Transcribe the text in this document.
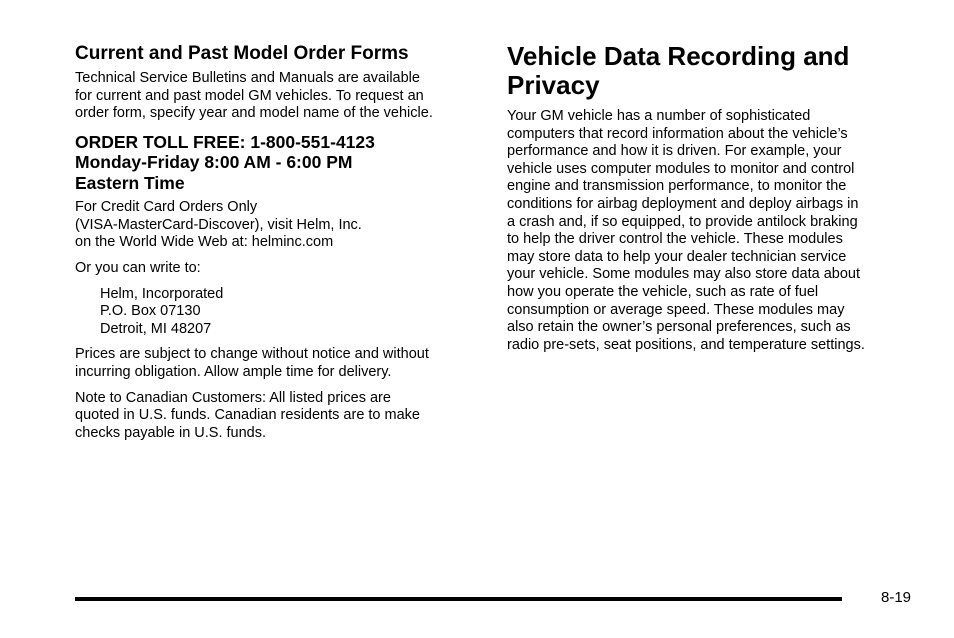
Current and Past Model Order Forms
Technical Service Bulletins and Manuals are available
for current and past model GM vehicles. To request an
order form, specify year and model name of the vehicle.
ORDER TOLL FREE: 1-800-551-4123
Monday-Friday 8:00 AM - 6:00 PM
Eastern Time
For Credit Card Orders Only
(VISA-MasterCard-Discover), visit Helm, Inc.
on the World Wide Web at: helminc.com
Or you can write to:
Helm, Incorporated
P.O. Box 07130
Detroit, MI 48207
Prices are subject to change without notice and without
incurring obligation. Allow ample time for delivery.
Note to Canadian Customers: All listed prices are
quoted in U.S. funds. Canadian residents are to make
checks payable in U.S. funds.
Vehicle Data Recording and
Privacy
Your GM vehicle has a number of sophisticated
computers that record information about the vehicle’s
performance and how it is driven. For example, your
vehicle uses computer modules to monitor and control
engine and transmission performance, to monitor the
conditions for airbag deployment and deploy airbags in
a crash and, if so equipped, to provide antilock braking
to help the driver control the vehicle. These modules
may store data to help your dealer technician service
your vehicle. Some modules may also store data about
how you operate the vehicle, such as rate of fuel
consumption or average speed. These modules may
also retain the owner’s personal preferences, such as
radio pre-sets, seat positions, and temperature settings.
8-19
